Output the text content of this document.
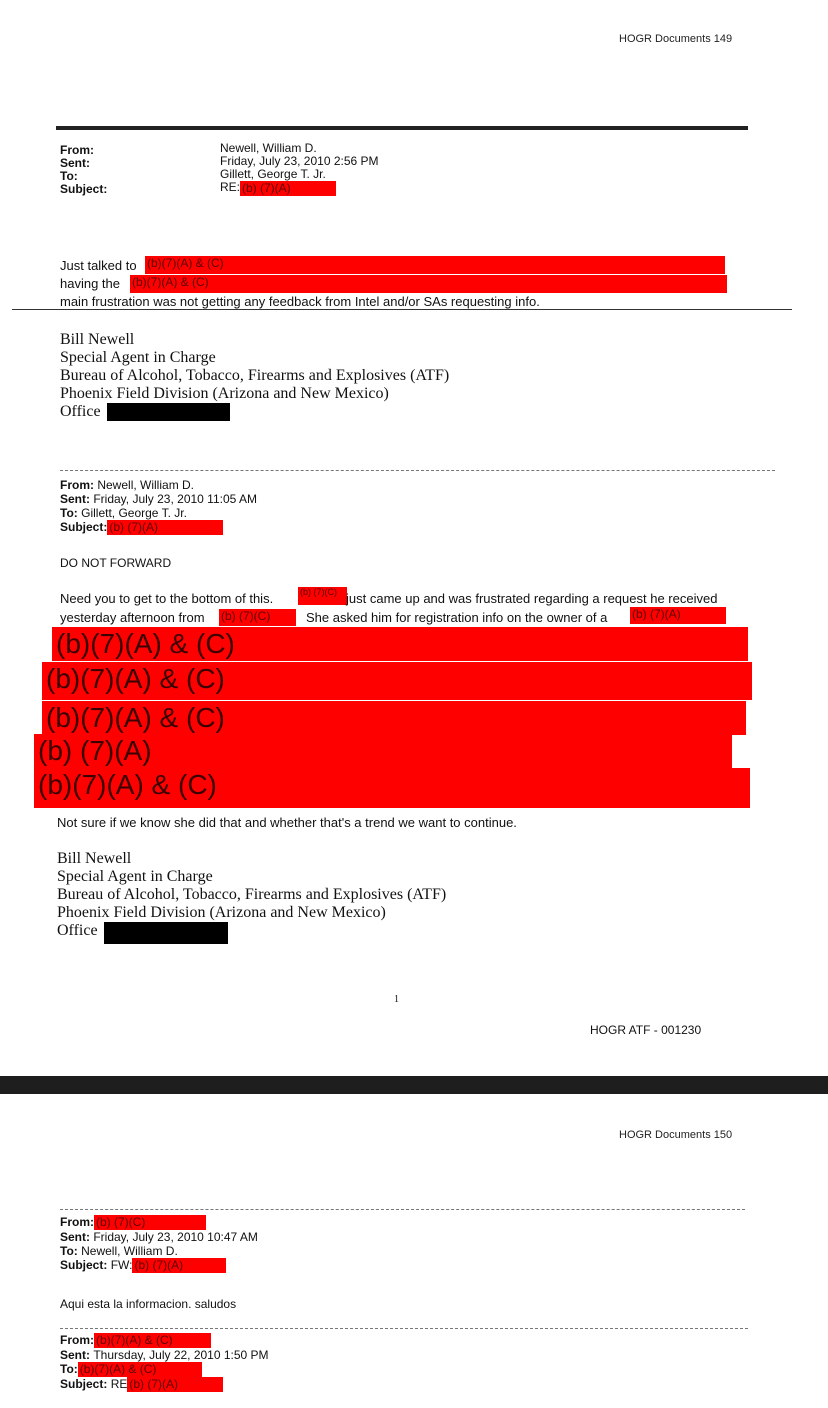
HOGR Documents 149
From:
Sent:
To:
Subject:
Newell, William D.
Friday, July 23, 2010 2:56 PM
Gillett, George T. Jr.
RE: (b) (7)(A)
Just talked to (b)(7)(A) & (C)
having the (b)(7)(A) & (C)
main frustration was not getting any feedback from Intel and/or SAs requesting info.
Bill Newell
Special Agent in Charge
Bureau of Alcohol, Tobacco, Firearms and Explosives (ATF)
Phoenix Field Division (Arizona and New Mexico)
Office
From:
Newell, William D.
Sent:
Friday, July 23, 2010 11:05 AM
To:
Gillett, George T. Jr.
Subject: (b) (7)(A)
DO NOT FORWARD
Need you to get to the bottom of this.	(b) (7)(C) just came up and was frustrated regarding a request he received
yesterday afternoon from (b) (7)(C)	She asked him for registration info on the owner of a (b) (7)(A)
(b)(7)(A) & (C)
(b)(7)(A) & (C)
(b)(7)(A) & (C)
(b) (7)(A)
(b)(7)(A) & (C)
Not sure if we know she did that and whether that's a trend we want to continue.
Bill Newell
Special Agent in Charge
Bureau of Alcohol, Tobacco, Firearms and Explosives (ATF)
Phoenix Field Division (Arizona and New Mexico)
Office
1
HOGR ATF - 001230
HOGR Documents 150
From: (b) (7)(C)
Sent:
Friday, July 23, 2010 10:47 AM
To:
Newell, William D.
Subject:
FW: (b) (7)(A)
Aqui esta la informacion. saludos
From: (b)(7)(A) & (C)
Sent:
Thursday, July 22, 2010 1:50 PM
To: (b)(7)(A) & (C)
Subject:
RE (b) (7)(A)
